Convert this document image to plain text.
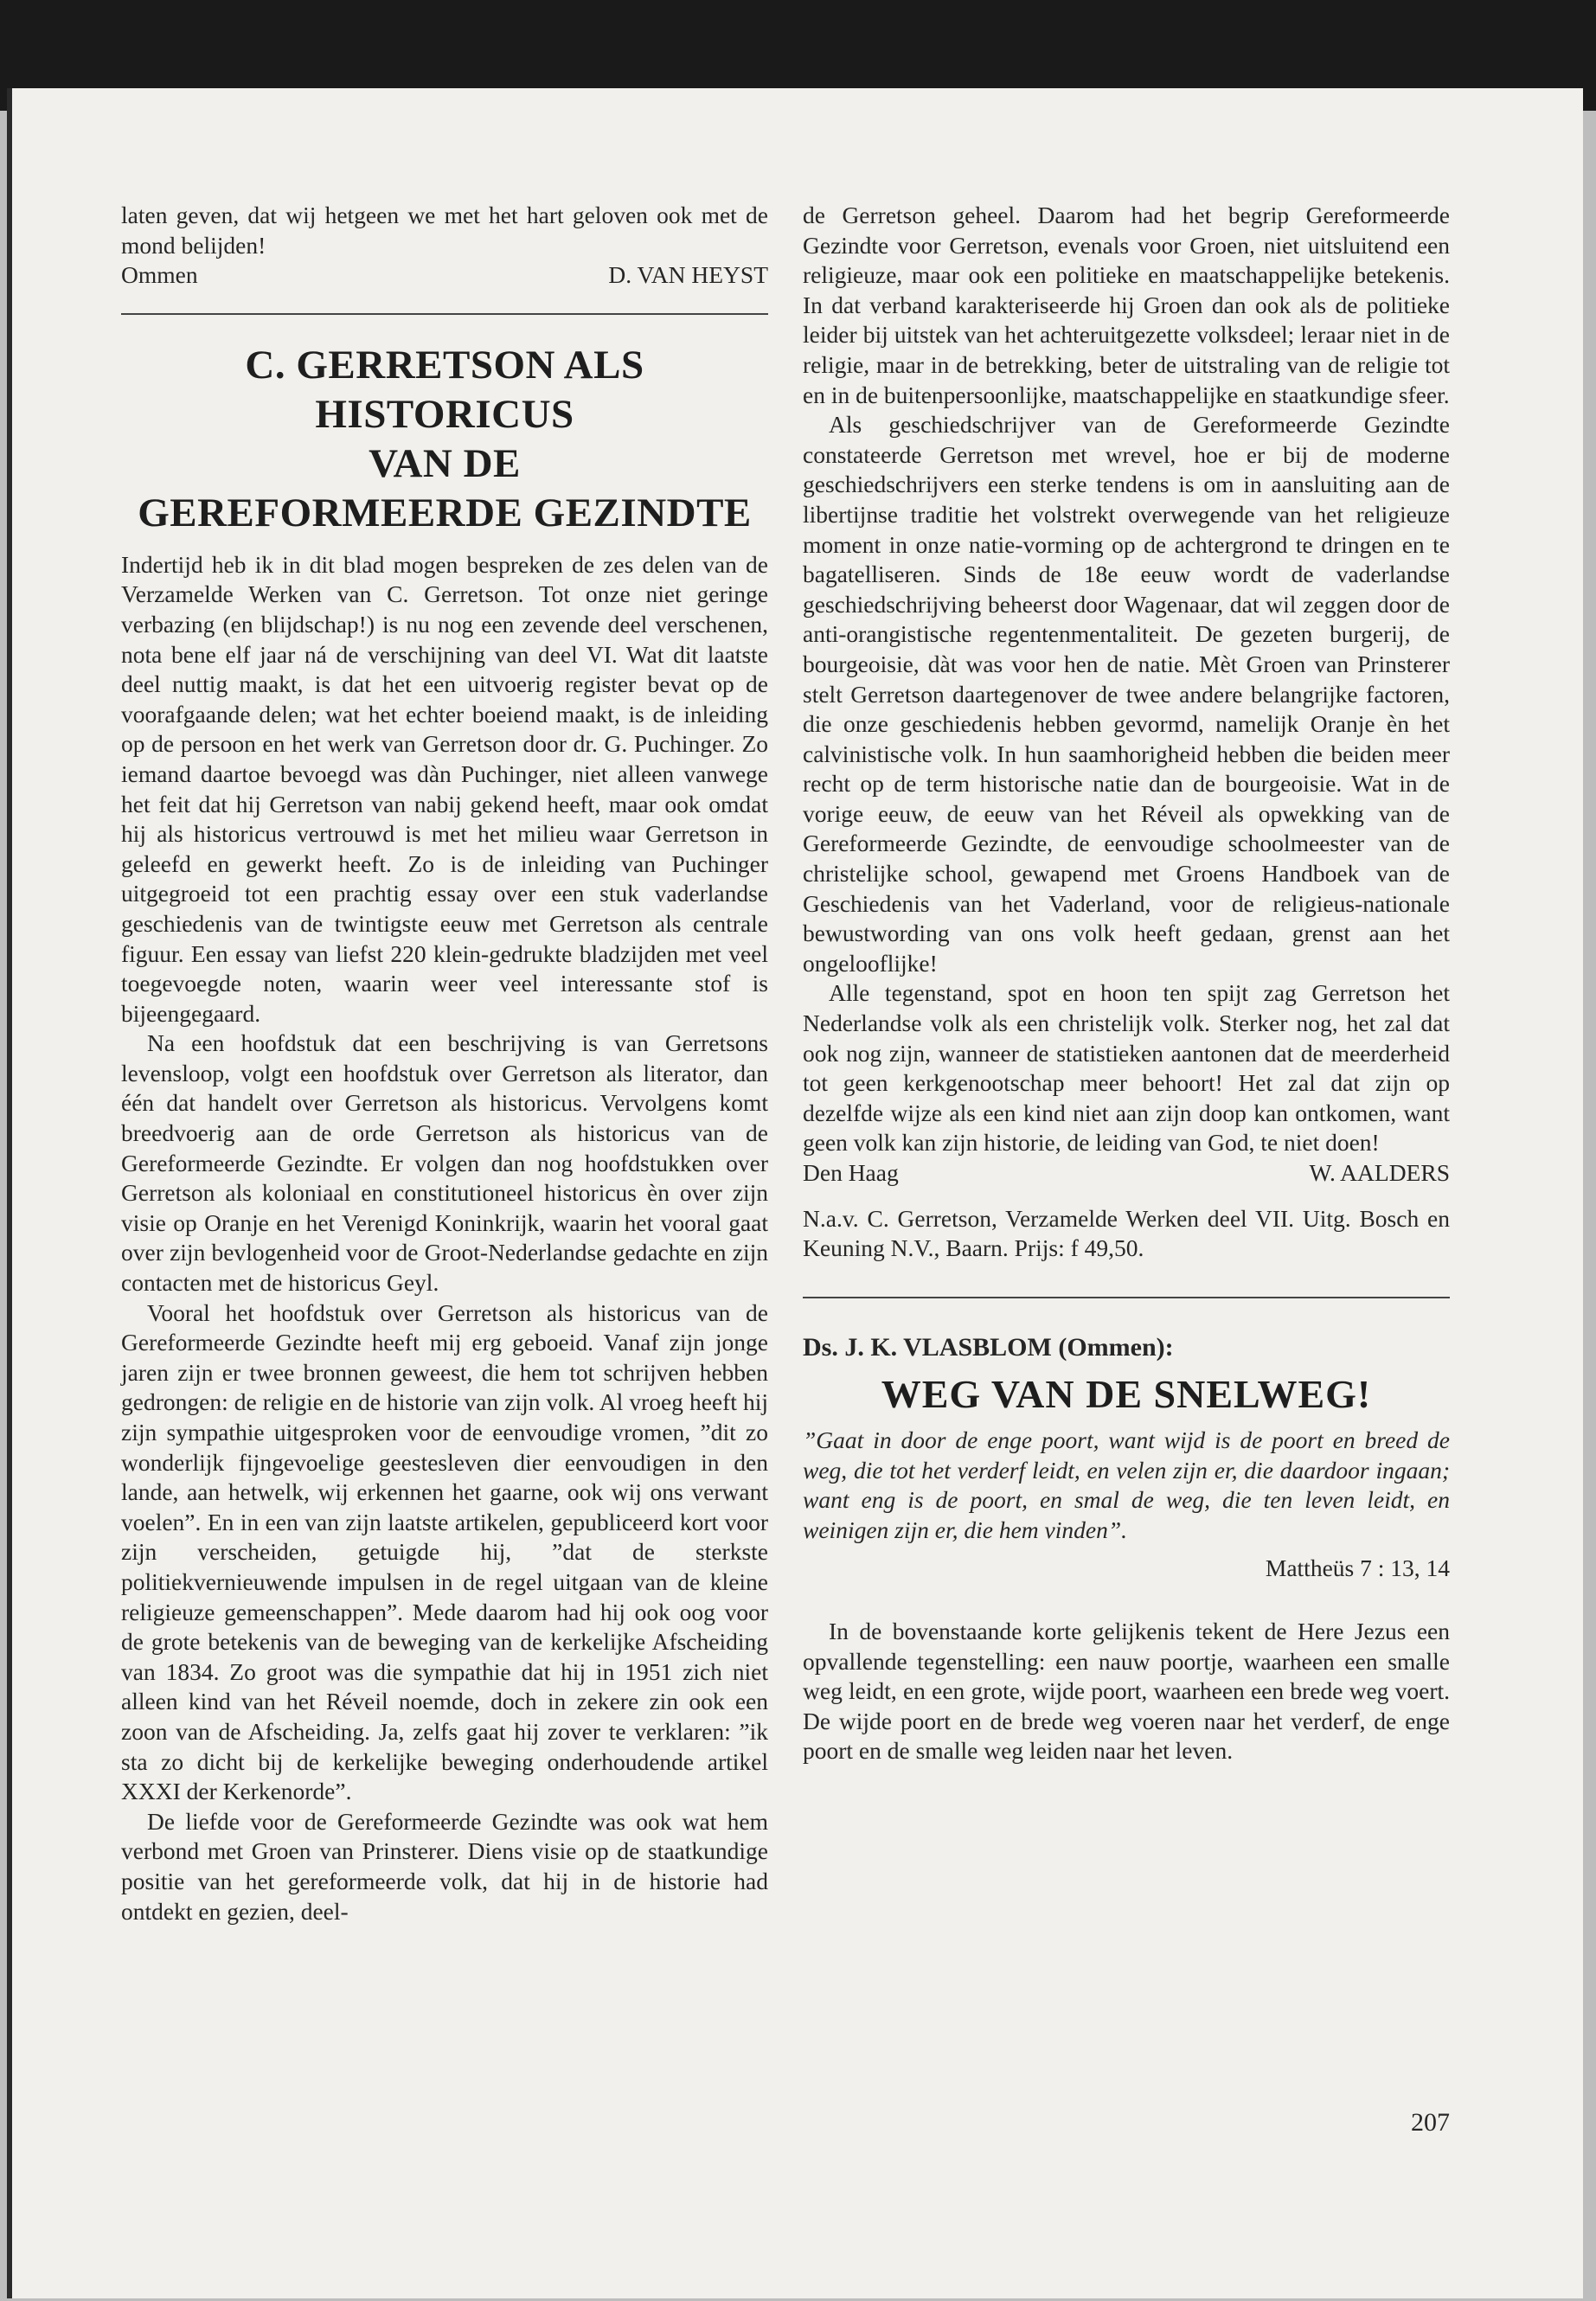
laten geven, dat wij hetgeen we met het hart geloven ook met de mond belijden!

Ommen	D. VAN HEYST
C. GERRETSON ALS HISTORICUS
VAN DE
GEREFORMEERDE GEZINDTE

Indertijd heb ik in dit blad mogen bespreken de zes delen van de Verzamelde Werken van C. Gerretson. Tot onze niet geringe verbazing (en blijdschap!) is nu nog een zevende deel verschenen, nota bene elf jaar ná de verschijning van deel VI. Wat dit laatste deel nuttig maakt, is dat het een uitvoerig register bevat op de voorafgaande delen; wat het echter boeiend maakt, is de inleiding op de persoon en het werk van Gerretson door dr. G. Puchinger. Zo iemand daartoe bevoegd was dàn Puchinger, niet alleen vanwege het feit dat hij Gerretson van nabij gekend heeft, maar ook omdat hij als historicus vertrouwd is met het milieu waar Gerretson in geleefd en gewerkt heeft. Zo is de inleiding van Puchinger uitgegroeid tot een prachtig essay over een stuk vaderlandse geschiedenis van de twintigste eeuw met Gerretson als centrale figuur. Een essay van liefst 220 klein-gedrukte bladzijden met veel toegevoegde noten, waarin weer veel interessante stof is bijeengegaard.

Na een hoofdstuk dat een beschrijving is van Gerretsons levensloop, volgt een hoofdstuk over Gerretson als literator, dan één dat handelt over Gerretson als historicus. Vervolgens komt breedvoerig aan de orde Gerretson als historicus van de Gereformeerde Gezindte. Er volgen dan nog hoofdstukken over Gerretson als koloniaal en constitutioneel historicus èn over zijn visie op Oranje en het Verenigd Koninkrijk, waarin het vooral gaat over zijn bevlogenheid voor de Groot-Nederlandse gedachte en zijn contacten met de historicus Geyl.

Vooral het hoofdstuk over Gerretson als historicus van de Gereformeerde Gezindte heeft mij erg geboeid. Vanaf zijn jonge jaren zijn er twee bronnen geweest, die hem tot schrijven hebben gedrongen: de religie en de historie van zijn volk. Al vroeg heeft hij zijn sympathie uitgesproken voor de eenvoudige vromen, ”dit zo wonderlijk fijngevoelige geestesleven dier eenvoudigen in den lande, aan hetwelk, wij erkennen het gaarne, ook wij ons verwant voelen”. En in een van zijn laatste artikelen, gepubliceerd kort voor zijn verscheiden, getuigde hij, ”dat de sterkste politiekvernieuwende impulsen in de regel uitgaan van de kleine religieuze gemeenschappen”. Mede daarom had hij ook oog voor de grote betekenis van de beweging van de kerkelijke Afscheiding van 1834. Zo groot was die sympathie dat hij in 1951 zich niet alleen kind van het Réveil noemde, doch in zekere zin ook een zoon van de Afscheiding. Ja, zelfs gaat hij zover te verklaren: ”ik sta zo dicht bij de kerkelijke beweging onderhoudende artikel XXXI der Kerkenorde”.

De liefde voor de Gereformeerde Gezindte was ook wat hem verbond met Groen van Prinsterer. Diens visie op de staatkundige positie van het gereformeerde volk, dat hij in de historie had ontdekt en gezien, deel-

de Gerretson geheel. Daarom had het begrip Gereformeerde Gezindte voor Gerretson, evenals voor Groen, niet uitsluitend een religieuze, maar ook een politieke en maatschappelijke betekenis. In dat verband karakteriseerde hij Groen dan ook als de politieke leider bij uitstek van het achteruitgezette volksdeel; leraar niet in de religie, maar in de betrekking, beter de uitstraling van de religie tot en in de buitenpersoonlijke, maatschappelijke en staatkundige sfeer.

Als geschiedschrijver van de Gereformeerde Gezindte constateerde Gerretson met wrevel, hoe er bij de moderne geschiedschrijvers een sterke tendens is om in aansluiting aan de libertijnse traditie het volstrekt overwegende van het religieuze moment in onze natie-vorming op de achtergrond te dringen en te bagatelliseren. Sinds de 18e eeuw wordt de vaderlandse geschiedschrijving beheerst door Wagenaar, dat wil zeggen door de anti-orangistische regentenmentaliteit. De gezeten burgerij, de bourgeoisie, dàt was voor hen de natie. Mèt Groen van Prinsterer stelt Gerretson daartegenover de twee andere belangrijke factoren, die onze geschiedenis hebben gevormd, namelijk Oranje èn het calvinistische volk. In hun saamhorigheid hebben die beiden meer recht op de term historische natie dan de bourgeoisie. Wat in de vorige eeuw, de eeuw van het Réveil als opwekking van de Gereformeerde Gezindte, de eenvoudige schoolmeester van de christelijke school, gewapend met Groens Handboek van de Geschiedenis van het Vaderland, voor de religieus-nationale bewustwording van ons volk heeft gedaan, grenst aan het ongelooflijke!

Alle tegenstand, spot en hoon ten spijt zag Gerretson het Nederlandse volk als een christelijk volk. Sterker nog, het zal dat ook nog zijn, wanneer de statistieken aantonen dat de meerderheid tot geen kerkgenootschap meer behoort! Het zal dat zijn op dezelfde wijze als een kind niet aan zijn doop kan ontkomen, want geen volk kan zijn historie, de leiding van God, te niet doen!

Den Haag	W. AALDERS

N.a.v. C. Gerretson, Verzamelde Werken deel VII. Uitg. Bosch en Keuning N.V., Baarn. Prijs: f 49,50.

Ds. J. K. VLASBLOM (Ommen):
WEG VAN DE SNELWEG!

”Gaat in door de enge poort, want wijd is de poort en breed de weg, die tot het verderf leidt, en velen zijn er, die daardoor ingaan; want eng is de poort, en smal de weg, die ten leven leidt, en weinigen zijn er, die hem vinden”.

Mattheüs 7 : 13, 14

In de bovenstaande korte gelijkenis tekent de Here Jezus een opvallende tegenstelling: een nauw poortje, waarheen een smalle weg leidt, en een grote, wijde poort, waarheen een brede weg voert. De wijde poort en de brede weg voeren naar het verderf, de enge poort en de smalle weg leiden naar het leven.

207
